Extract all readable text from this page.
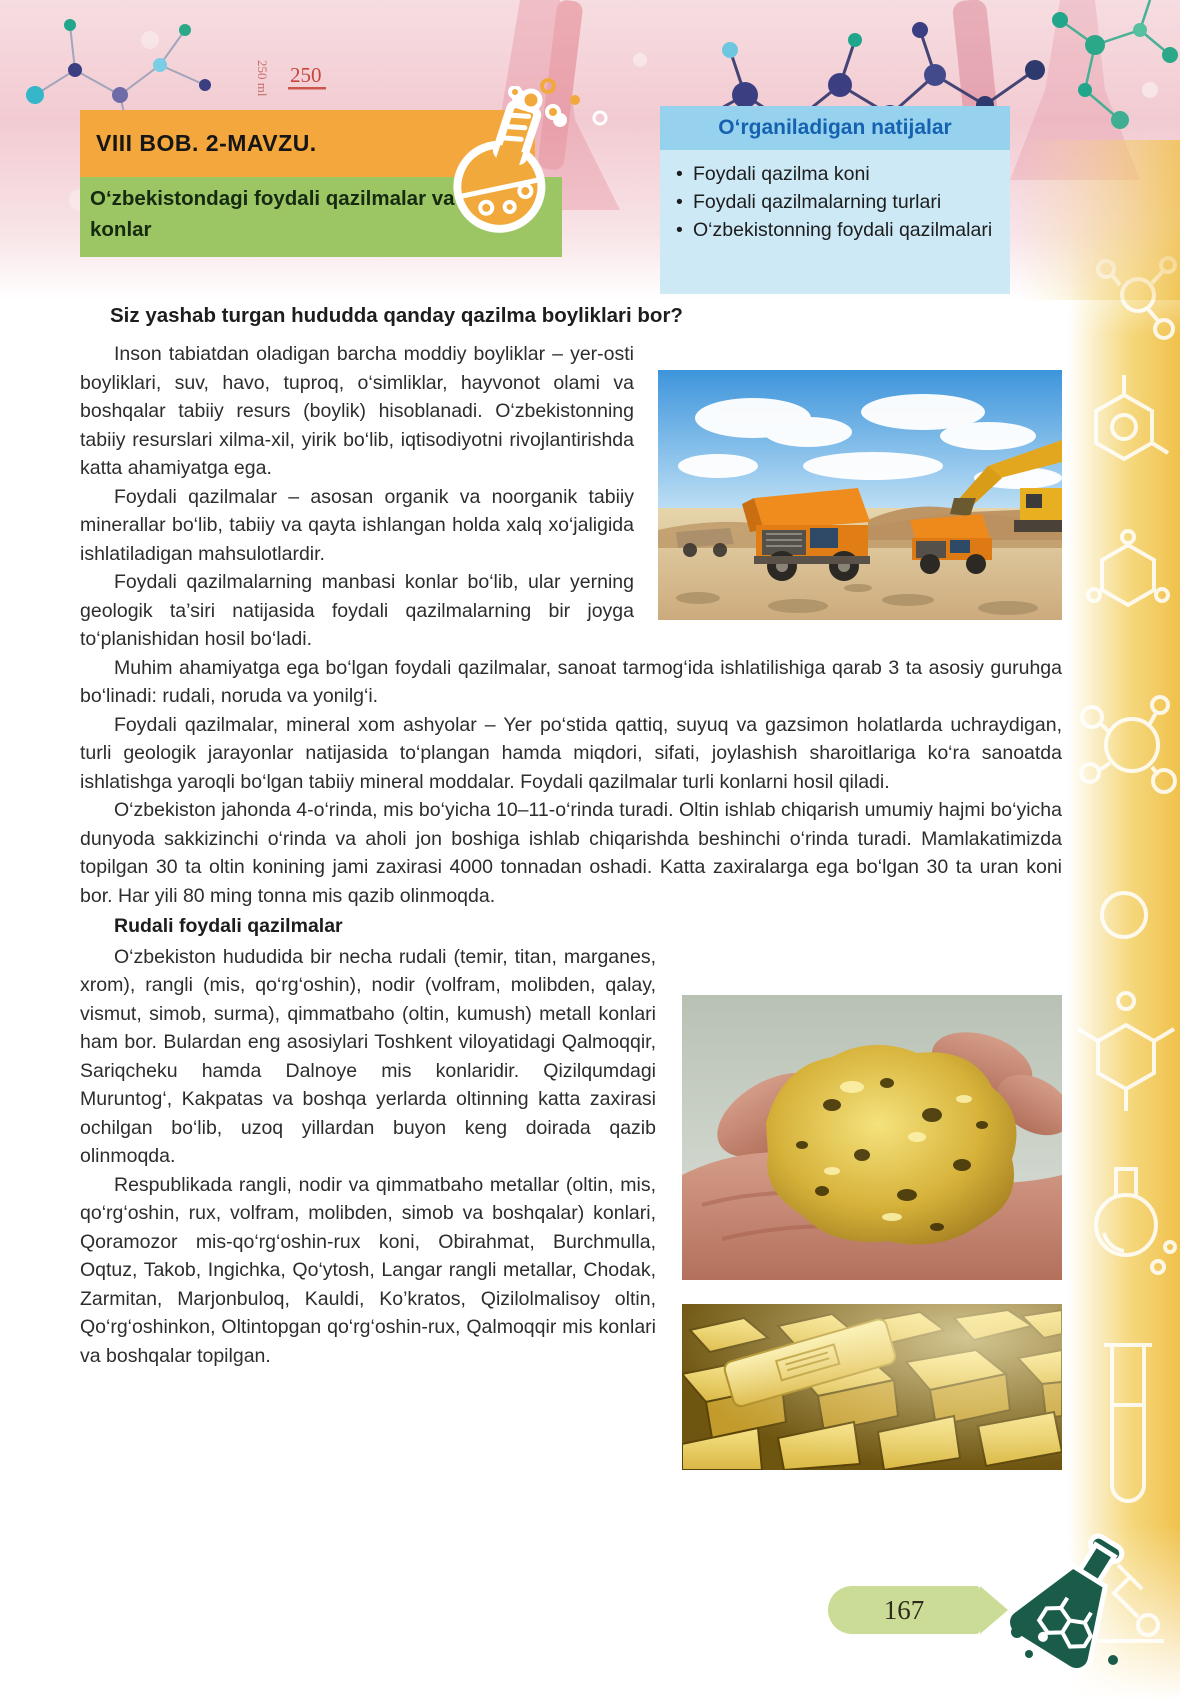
250
250 ml
VIII BOB. 2-MAVZU.
O‘zbekistondagi foydali qazilmalar va konlar
O‘rganiladigan natijalar
• Foydali qazilma koni
• Foydali qazilmalarning turlari
• O‘zbekistonning foydali qazilmalari
Siz yashab turgan hududda qanday qazilma boyliklari bor?

Inson tabiatdan oladigan barcha moddiy boyliklar – yer-osti boyliklari, suv, havo, tuproq, o‘simliklar, hayvonot olami va boshqalar tabiiy resurs (boylik) hisoblanadi. O‘zbekistonning tabiiy resurslari xilma-xil, yirik bo‘lib, iqtisodiyotni rivojlantirishda katta ahamiyatga ega.

Foydali qazilmalar – asosan organik va noorganik tabiiy minerallar bo‘lib, tabiiy va qayta ishlangan holda xalq xo‘jaligida ishlatiladigan mahsulotlardir.

Foydali qazilmalarning manbasi konlar bo‘lib, ular yerning geologik ta’siri natijasida foydali qazilmalarning bir joyga to‘planishidan hosil bo‘ladi.

Muhim ahamiyatga ega bo‘lgan foydali qazilmalar, sanoat tarmog‘ida ishlatilishiga qarab 3 ta asosiy guruhga bo‘linadi: rudali, noruda va yonilg‘i.

Foydali qazilmalar, mineral xom ashyolar – Yer po‘stida qattiq, suyuq va gazsimon holatlarda uchraydigan, turli geologik jarayonlar natijasida to‘plangan hamda miqdori, sifati, joylashish sharoitlariga ko‘ra sanoatda ishlatishga yaroqli bo‘lgan tabiiy mineral moddalar. Foydali qazilmalar turli konlarni hosil qiladi.

O‘zbekiston jahonda 4-o‘rinda, mis bo‘yicha 10–11-o‘rinda turadi. Oltin ishlab chiqarish umumiy hajmi bo‘yicha dunyoda sakkizinchi o‘rinda va aholi jon boshiga ishlab chiqarishda beshinchi o‘rinda turadi. Mamlakatimizda topilgan 30 ta oltin konining jami zaxirasi 4000 tonnadan oshadi. Katta zaxiralarga ega bo‘lgan 30 ta uran koni bor. Har yili 80 ming tonna mis qazib olinmoqda.

Rudali foydali qazilmalar

O‘zbekiston hududida bir necha rudali (temir, titan, marganes, xrom), rangli (mis, qo‘rg‘oshin), nodir (volfram, molibden, qalay, vismut, simob, surma), qimmatbaho (oltin, kumush) metall konlari ham bor. Bulardan eng asosiylari Toshkent viloyatidagi Qalmoqqir, Sariqcheku hamda Dalnoye mis konlaridir. Qizilqumdagi Muruntog‘, Kakpatas va boshqa yerlarda oltinning katta zaxirasi ochilgan bo‘lib, uzoq yillardan buyon keng doirada qazib olinmoqda.

Respublikada rangli, nodir va qimmatbaho metallar (oltin, mis, qo‘rg‘oshin, rux, volfram, molibden, simob va boshqalar) konlari, Qoramozor mis-qo‘rg‘oshin-rux koni, Obirahmat, Burchmulla, Oqtuz, Takob, Ingichka, Qo‘ytosh, Langar rangli metallar, Chodak, Zarmitan, Marjonbuloq, Kauldi, Ko’kratos, Qizilolmalisoy oltin, Qo‘rg‘oshinkon, Oltintopgan qo‘rg‘oshin-rux, Qalmoqqir mis konlari va boshqalar topilgan.

167
